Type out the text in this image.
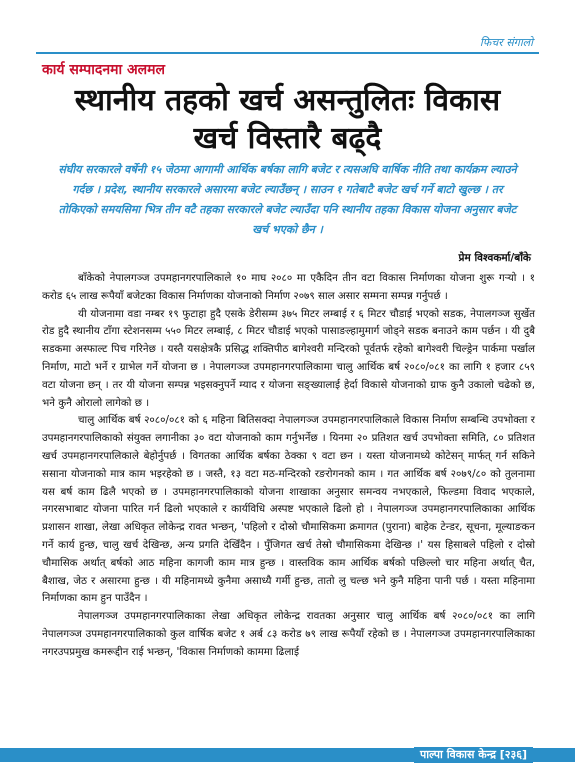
फिचर संगालो
कार्य सम्पादनमा अलमल
स्थानीय तहको खर्च असन्तुलितः विकास
खर्च विस्तारै बढ्दै
संघीय सरकारले वर्षेनी १५ जेठमा आगामी आर्थिक बर्षका लागि बजेट र त्यसअघि वार्षिक नीति तथा कार्यक्रम ल्याउने गर्दछ । प्रदेश, स्थानीय सरकारले असारमा बजेट ल्याउँछन् । साउन १ गतेबाटै बजेट खर्च गर्ने बाटो खुल्छ । तर तोकिएको समयसिमा भित्र तीन वटै तहका सरकारले बजेट ल्याउँदा पनि स्थानीय तहका विकास योजना अनुसार बजेट खर्च भएको छैन ।
प्रेम विश्वकर्मा/बाँके

बाँकेको नेपालगञ्ज उपमहानगरपालिकाले १० माघ २०८० मा एकैदिन तीन वटा विकास निर्माणका योजना शुरू गर्‍यो । १ करोड ६५ लाख रूपैयाँ बजेटका विकास निर्माणका योजनाको निर्माण २०७९ साल असार सम्मना सम्पन्न गर्नुपर्छ ।

यी योजनामा वडा नम्बर १९ फुटाहा हुदै एसके डेरीसम्म ३७५ मिटर लम्बाई र ६ मिटर चौडाई भएको सडक, नेपालगञ्ज सुर्खेत रोड हुदै स्थानीय टाँगा स्टेशनसम्म ५५० मिटर लम्बाई, ८ मिटर चौडाई भएको पासाङल्हामुमार्ग जोड्ने सडक बनाउने काम पर्छन । यी दुबै सडकमा अस्फाल्ट पिच गरिनेछ । यस्तै यसक्षेत्रकै प्रसिद्ध शक्तिपीठ बागेश्वरी मन्दिरको पूर्वतर्फ रहेको बागेश्वरी चिल्ड्रेन पार्कमा पर्खाल निर्माण, माटो भर्ने र ग्राभेल गर्ने योजना छ । नेपालगञ्ज उपमहानगरपालिकामा चालु आर्थिक बर्ष २०८०/०८१ का लागि १ हजार ८५९ वटा योजना छन् । तर यी योजना सम्पन्न भइसक्नुपर्ने म्याद र योजना सङ्ख्यालाई हेर्दा विकासे योजनाको ग्राफ कुनै उकालो चढेको छ, भने कुनै ओरालो लागेको छ ।

चालु आर्थिक बर्ष २०८०/०८१ को ६ महिना बितिसक्दा नेपालगञ्ज उपमहानगरपालिकाले विकास निर्माण सम्बन्धि उपभोक्ता र उपमहानगरपालिकाको संयुक्त लगानीका ३० वटा योजनाको काम गर्नुभर्नेछ । यिनमा २० प्रतिशत खर्च उपभोक्ता समिति, ८० प्रतिशत खर्च उपमहानगरपालिकाले बेहोर्नुपर्छ । विगतका आर्थिक बर्षका ठेक्का ९ वटा छन । यस्ता योजनामध्ये कोटेसन् मार्फत् गर्न सकिने ससाना योजनाको मात्र काम भइरहेको छ । जस्तै, १३ वटा मठ-मन्दिरको रङरोगनको काम । गत आर्थिक बर्ष २०७९/८० को तुलनामा यस बर्ष काम ढिलै भएको छ । उपमहानगरपालिकाको योजना शाखाका अनुसार समन्वय नभएकाले, फिल्डमा विवाद भएकाले, नगरसभाबाट योजना पारित गर्न ढिलो भएकाले र कार्यविधि अस्पष्ट भएकाले ढिलो हो । नेपालगञ्ज उपमहानगरपालिकाका आर्थिक प्रशासन शाखा, लेखा अधिकृत लोकेन्द्र रावत भन्छन्, 'पहिलो र दोस्रो चौमासिकमा क्रमागत (पुराना) बाहेक टेन्डर, सूचना, मूल्याङकन गर्ने कार्य हुन्छ, चालु खर्च देखिन्छ, अन्य प्रगति देखिँदैन । पुँजिगत खर्च तेस्रो चौमासिकमा देखिन्छ ।' यस हिसाबले पहिलो र दोस्रो चौमासिक अर्थात् बर्षको आठ महिना कागजी काम मात्र हुन्छ । वास्तविक काम आर्थिक बर्षको पछिल्लो चार महिना अर्थात् चैत, बैशाख, जेठ र असारमा हुन्छ । यी महिनामध्ये कुनैमा असाध्यै गर्मी हुन्छ, तातो लु चल्छ भने कुनै महिना पानी पर्छ । यस्ता महिनामा निर्माणका काम हुन पाउँदैन ।

नेपालगञ्ज उपमहानगरपालिकाका लेखा अधिकृत लोकेन्द्र रावतका अनुसार चालु आर्थिक बर्ष २०८०/०८१ का लागि नेपालगञ्ज उपमहानगरपालिकाको कुल वार्षिक बजेट १ अर्ब ८३ करोड ७९ लाख रूपैयाँ रहेको छ । नेपालगञ्ज उपमहानगरपालिकाका नगरउपप्रमुख कमरूद्दीन राई भन्छन्, 'विकास निर्माणको काममा ढिलाई

पाल्पा विकास केन्द्र [२३६]
